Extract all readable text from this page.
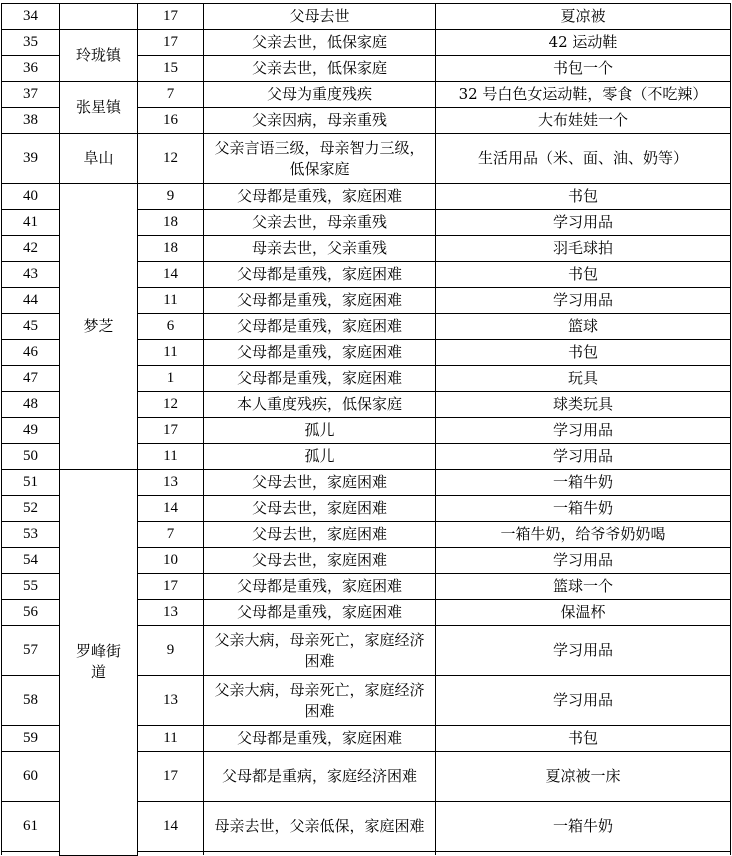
34		17	父母去世	夏凉被	
35	玲珑镇	17	父亲去世，低保家庭	42 运动鞋	
36		15	父亲去世，低保家庭	书包一个	
37	张星镇	7	父母为重度残疾	32 号白色女运动鞋，零食（不吃辣）	
38		16	父亲因病，母亲重残	大布娃娃一个	
39	阜山	12	父亲言语三级，母亲智力三级，低保家庭	生活用品（米、面、油、奶等）	
40	梦芝	9	父母都是重残，家庭困难	书包	
41		18	父亲去世，母亲重残	学习用品	
42		18	母亲去世，父亲重残	羽毛球拍	
43		14	父母都是重残，家庭困难	书包	
44		11	父母都是重残，家庭困难	学习用品	
45		6	父母都是重残，家庭困难	篮球	
46		11	父母都是重残，家庭困难	书包	
47		1	父母都是重残，家庭困难	玩具	
48		12	本人重度残疾，低保家庭	球类玩具	
49		17	孤儿	学习用品	
50		11	孤儿	学习用品	
51	罗峰街道	13	父母去世，家庭困难	一箱牛奶	
52		14	父母去世，家庭困难	一箱牛奶	
53		7	父母去世，家庭困难	一箱牛奶，给爷爷奶奶喝	
54		10	父母去世，家庭困难	学习用品	
55		17	父母都是重残，家庭困难	篮球一个	
56		13	父母都是重残，家庭困难	保温杯	
57		9	父亲大病，母亲死亡，家庭经济困难	学习用品	
58		13	父亲大病，母亲死亡，家庭经济困难	学习用品	
59		11	父母都是重残，家庭困难	书包	
60		17	父母都是重病，家庭经济困难	夏凉被一床	
61		14	母亲去世，父亲低保，家庭困难	一箱牛奶	
